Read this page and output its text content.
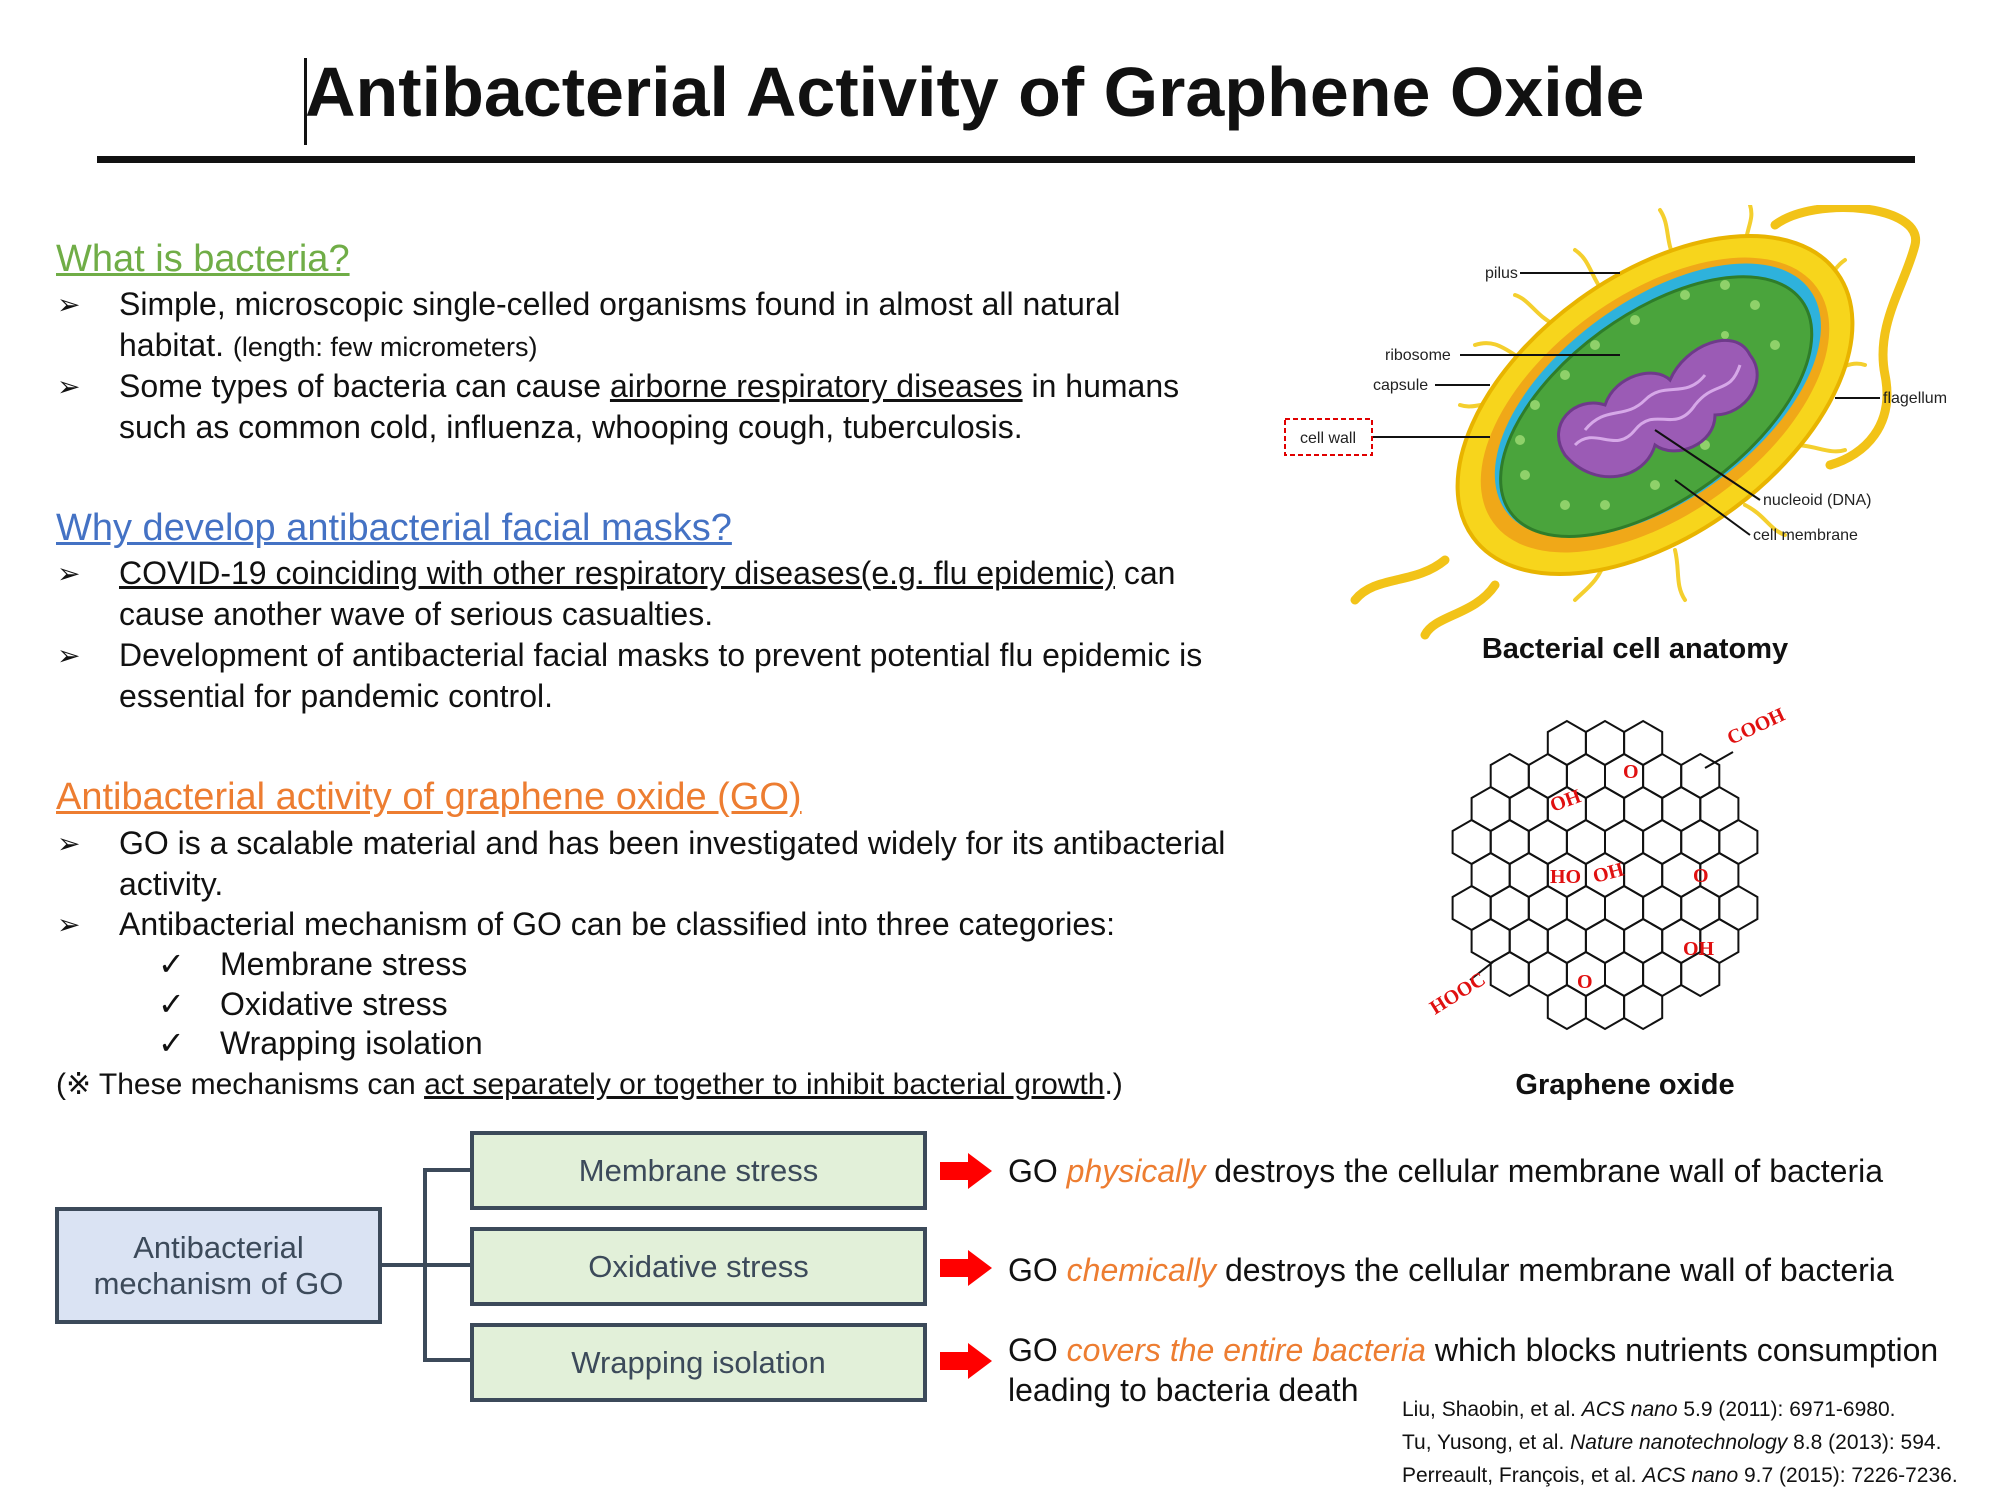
Antibacterial Activity of Graphene Oxide
What is bacteria?
➢ Simple, microscopic single-celled organisms found in almost all natural
habitat. (length: few micrometers)
➢ Some types of bacteria can cause airborne respiratory diseases in humans
such as common cold, influenza, whooping cough, tuberculosis.
Why develop antibacterial facial masks?
➢ COVID-19 coinciding with other respiratory diseases(e.g. flu epidemic) can
cause another wave of serious casualties.
➢ Development of antibacterial facial masks to prevent potential flu epidemic is
essential for pandemic control.
Antibacterial activity of graphene oxide (GO)
➢ GO is a scalable material and has been investigated widely for its antibacterial
activity.
➢ Antibacterial mechanism of GO can be classified into three categories:
✓ Membrane stress
✓ Oxidative stress
✓ Wrapping isolation
(※ These mechanisms can act separately or together to inhibit bacterial growth.)
pilus
ribosome
capsule
cell wall
flagellum
nucleoid (DNA)
cell membrane
Bacterial cell anatomy
COOH
HOOC
O
OH
HO OH	O
OH
O
Graphene oxide
Antibacterial mechanism of GO
Membrane stress
Oxidative stress
Wrapping isolation
GO physically destroys the cellular membrane wall of bacteria
GO chemically destroys the cellular membrane wall of bacteria
GO covers the entire bacteria which blocks nutrients consumption
leading to bacteria death
Liu, Shaobin, et al. ACS nano 5.9 (2011): 6971-6980.
Tu, Yusong, et al. Nature nanotechnology 8.8 (2013): 594.
Perreault, François, et al. ACS nano 9.7 (2015): 7226-7236.
